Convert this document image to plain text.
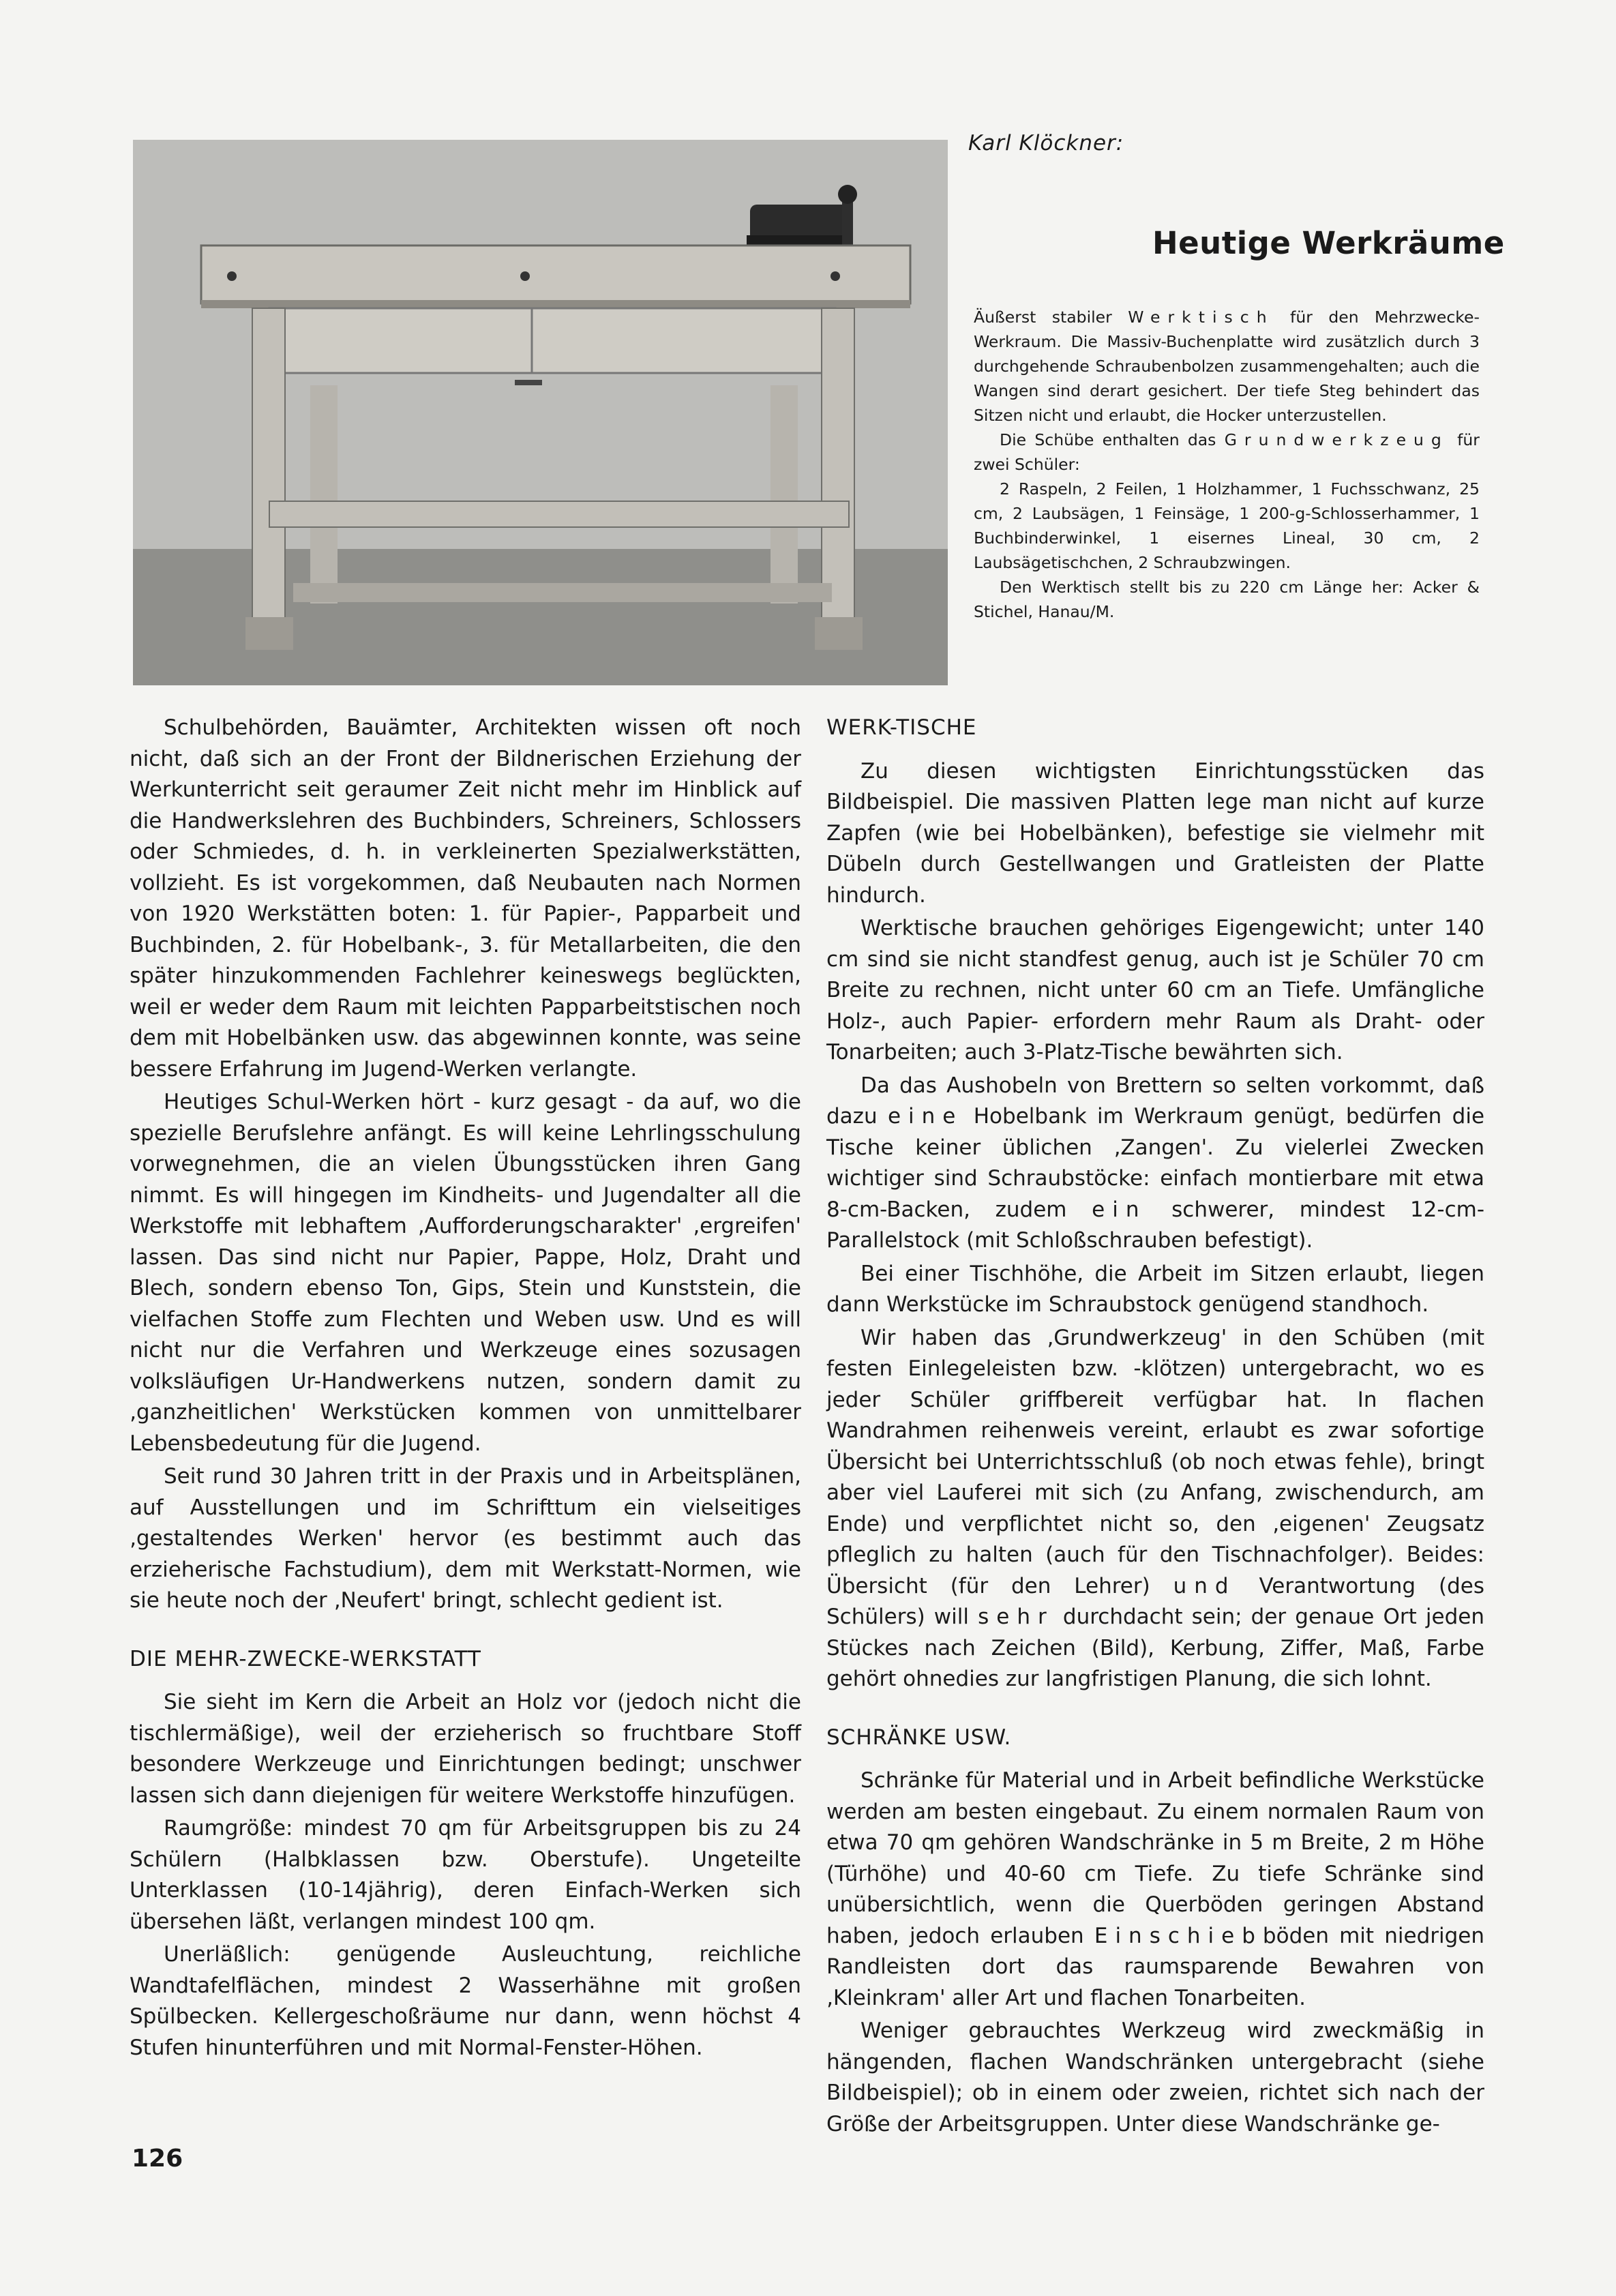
Karl Klöckner:
Heutige Werkräume

Äußerst stabiler Werktisch für den Mehrzwecke-Werkraum. Die Massiv-Buchenplatte wird zusätzlich durch 3 durchgehende Schraubenbolzen zusammengehalten; auch die Wangen sind derart gesichert. Der tiefe Steg behindert das Sitzen nicht und erlaubt, die Hocker unterzustellen.

Die Schübe enthalten das Grundwerkzeug für zwei Schüler:

2 Raspeln, 2 Feilen, 1 Holzhammer, 1 Fuchsschwanz, 25 cm, 2 Laubsägen, 1 Feinsäge, 1 200-g-Schlosserhammer, 1 Buchbinderwinkel, 1 eisernes Lineal, 30 cm, 2 Laubsägetischchen, 2 Schraubzwingen.

Den Werktisch stellt bis zu 220 cm Länge her: Acker & Stichel, Hanau/M.

Schulbehörden, Bauämter, Architekten wissen oft noch nicht, daß sich an der Front der Bildnerischen Erziehung der Werkunterricht seit geraumer Zeit nicht mehr im Hinblick auf die Handwerkslehren des Buchbinders, Schreiners, Schlossers oder Schmiedes, d. h. in verkleinerten Spezialwerkstätten, vollzieht. Es ist vorgekommen, daß Neubauten nach Normen von 1920 Werkstätten boten: 1. für Papier-, Papparbeit und Buchbinden, 2. für Hobelbank-, 3. für Metallarbeiten, die den später hinzukommenden Fachlehrer keineswegs beglückten, weil er weder dem Raum mit leichten Papparbeitstischen noch dem mit Hobelbänken usw. das abgewinnen konnte, was seine bessere Erfahrung im Jugend-Werken verlangte.

Heutiges Schul-Werken hört - kurz gesagt - da auf, wo die spezielle Berufslehre anfängt. Es will keine Lehrlingsschulung vorwegnehmen, die an vielen Übungsstücken ihren Gang nimmt. Es will hingegen im Kindheits- und Jugendalter all die Werkstoffe mit lebhaftem ‚Aufforderungscharakter' ‚ergreifen' lassen. Das sind nicht nur Papier, Pappe, Holz, Draht und Blech, sondern ebenso Ton, Gips, Stein und Kunststein, die vielfachen Stoffe zum Flechten und Weben usw. Und es will nicht nur die Verfahren und Werkzeuge eines sozusagen volksläufigen Ur-Handwerkens nutzen, sondern damit zu ‚ganzheitlichen' Werkstücken kommen von unmittelbarer Lebensbedeutung für die Jugend.

Seit rund 30 Jahren tritt in der Praxis und in Arbeitsplänen, auf Ausstellungen und im Schrifttum ein vielseitiges ‚gestaltendes Werken' hervor (es bestimmt auch das erzieherische Fachstudium), dem mit Werkstatt-Normen, wie sie heute noch der ‚Neufert' bringt, schlecht gedient ist.

DIE MEHR-ZWECKE-WERKSTATT

Sie sieht im Kern die Arbeit an Holz vor (jedoch nicht die tischlermäßige), weil der erzieherisch so fruchtbare Stoff besondere Werkzeuge und Einrichtungen bedingt; unschwer lassen sich dann diejenigen für weitere Werkstoffe hinzufügen.

Raumgröße: mindest 70 qm für Arbeitsgruppen bis zu 24 Schülern (Halbklassen bzw. Oberstufe). Ungeteilte Unterklassen (10-14jährig), deren Einfach-Werken sich übersehen läßt, verlangen mindest 100 qm.

Unerläßlich: genügende Ausleuchtung, reichliche Wandtafelflächen, mindest 2 Wasserhähne mit großen Spülbecken. Kellergeschoßräume nur dann, wenn höchst 4 Stufen hinunterführen und mit Normal-Fenster-Höhen.

WERK-TISCHE

Zu diesen wichtigsten Einrichtungsstücken das Bildbeispiel. Die massiven Platten lege man nicht auf kurze Zapfen (wie bei Hobelbänken), befestige sie vielmehr mit Dübeln durch Gestellwangen und Gratleisten der Platte hindurch.

Werktische brauchen gehöriges Eigengewicht; unter 140 cm sind sie nicht standfest genug, auch ist je Schüler 70 cm Breite zu rechnen, nicht unter 60 cm an Tiefe. Umfängliche Holz-, auch Papier- erfordern mehr Raum als Draht- oder Tonarbeiten; auch 3-Platz-Tische bewährten sich.

Da das Aushobeln von Brettern so selten vorkommt, daß dazu eine Hobelbank im Werkraum genügt, bedürfen die Tische keiner üblichen ‚Zangen'. Zu vielerlei Zwecken wichtiger sind Schraubstöcke: einfach montierbare mit etwa 8-cm-Backen, zudem ein schwerer, mindest 12-cm-Parallelstock (mit Schloßschrauben befestigt).

Bei einer Tischhöhe, die Arbeit im Sitzen erlaubt, liegen dann Werkstücke im Schraubstock genügend standhoch.

Wir haben das ‚Grundwerkzeug' in den Schüben (mit festen Einlegeleisten bzw. -klötzen) untergebracht, wo es jeder Schüler griffbereit verfügbar hat. In flachen Wandrahmen reihenweis vereint, erlaubt es zwar sofortige Übersicht bei Unterrichtsschluß (ob noch etwas fehle), bringt aber viel Lauferei mit sich (zu Anfang, zwischendurch, am Ende) und verpflichtet nicht so, den ‚eigenen' Zeugsatz pfleglich zu halten (auch für den Tischnachfolger). Beides: Übersicht (für den Lehrer) und Verantwortung (des Schülers) will sehr durchdacht sein; der genaue Ort jeden Stückes nach Zeichen (Bild), Kerbung, Ziffer, Maß, Farbe gehört ohnedies zur langfristigen Planung, die sich lohnt.

SCHRÄNKE USW.

Schränke für Material und in Arbeit befindliche Werkstücke werden am besten eingebaut. Zu einem normalen Raum von etwa 70 qm gehören Wandschränke in 5 m Breite, 2 m Höhe (Türhöhe) und 40-60 cm Tiefe. Zu tiefe Schränke sind unübersichtlich, wenn die Querböden geringen Abstand haben, jedoch erlauben Einschiebböden mit niedrigen Randleisten dort das raumsparende Bewahren von ‚Kleinkram' aller Art und flachen Tonarbeiten.

Weniger gebrauchtes Werkzeug wird zweckmäßig in hängenden, flachen Wandschränken untergebracht (siehe Bildbeispiel); ob in einem oder zweien, richtet sich nach der Größe der Arbeitsgruppen. Unter diese Wandschränke ge-

126
